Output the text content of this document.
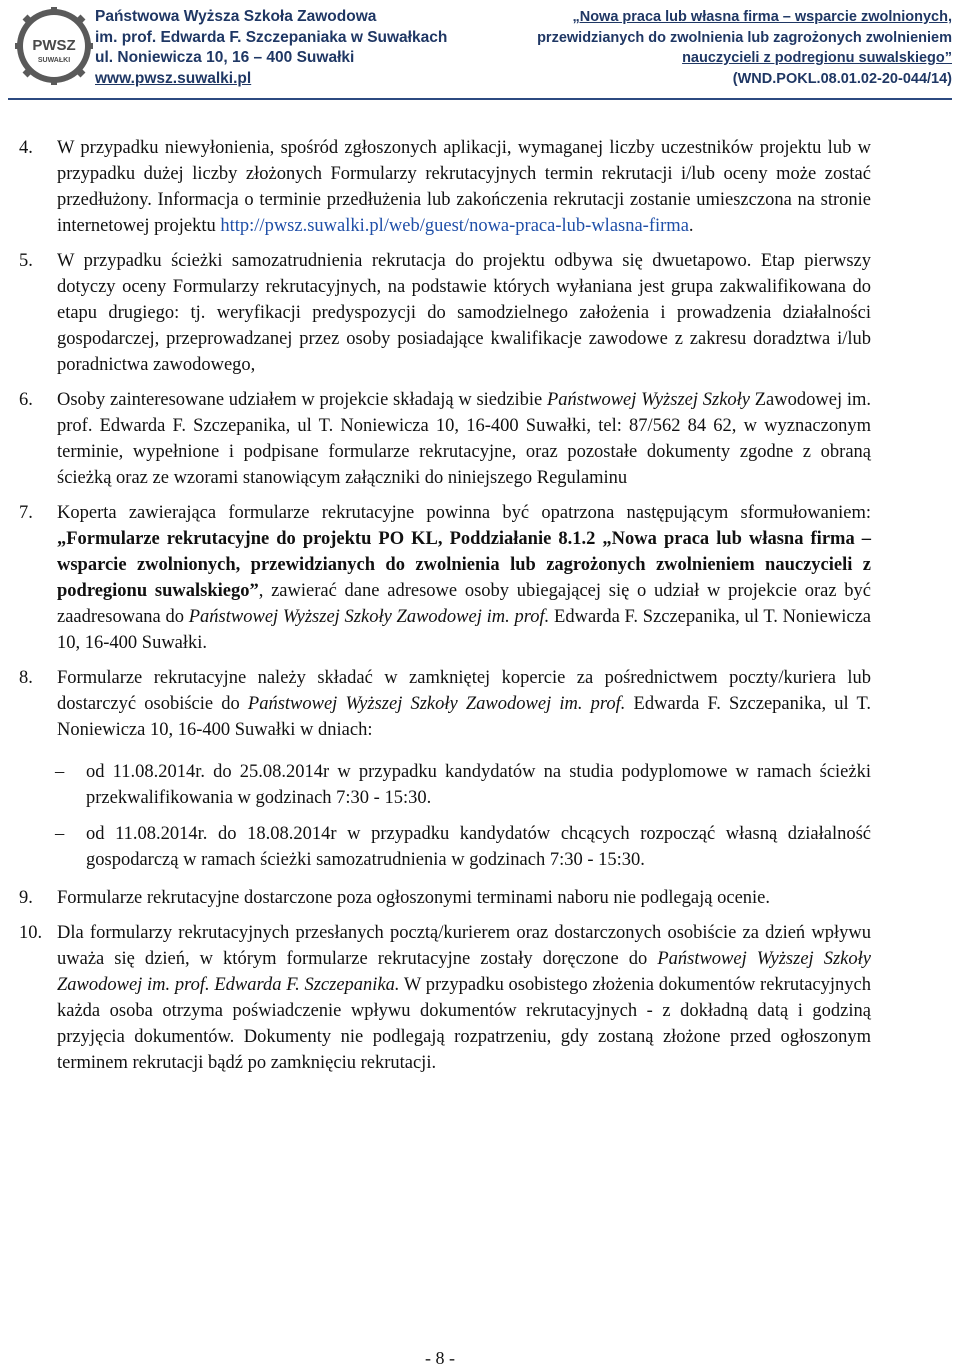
PWSZ
SUWAŁKI
Państwowa Wyższa Szkoła Zawodowa
im. prof. Edwarda F. Szczepaniaka w Suwałkach
ul. Noniewicza 10, 16 – 400 Suwałki
www.pwsz.suwalki.pl
„Nowa praca lub własna firma – wsparcie zwolnionych,
przewidzianych do zwolnienia lub zagrożonych zwolnieniem
nauczycieli z podregionu suwalskiego”
(WND.POKL.08.01.02-20-044/14)
4. W przypadku niewyłonienia, spośród zgłoszonych aplikacji, wymaganej liczby uczestników projektu lub w przypadku dużej liczby złożonych Formularzy rekrutacyjnych termin rekrutacji i/lub oceny może zostać przedłużony. Informacja o terminie przedłużenia lub zakończenia rekrutacji zostanie umieszczona na stronie internetowej projektu http://pwsz.suwalki.pl/web/guest/nowa-praca-lub-wlasna-firma.

5. W przypadku ścieżki samozatrudnienia rekrutacja do projektu odbywa się dwuetapowo. Etap pierwszy dotyczy oceny Formularzy rekrutacyjnych, na podstawie których wyłaniana jest grupa zakwalifikowana do etapu drugiego: tj. weryfikacji predyspozycji do samodzielnego założenia i prowadzenia działalności gospodarczej, przeprowadzanej przez osoby posiadające kwalifikacje zawodowe z zakresu doradztwa i/lub poradnictwa zawodowego,

6. Osoby zainteresowane udziałem w projekcie składają w siedzibie Państwowej Wyższej Szkoły Zawodowej im. prof. Edwarda F. Szczepanika, ul T. Noniewicza 10, 16-400 Suwałki, tel: 87/562 84 62, w wyznaczonym terminie, wypełnione i podpisane formularze rekrutacyjne, oraz pozostałe dokumenty zgodne z obraną ścieżką oraz ze wzorami stanowiącym załączniki do niniejszego Regulaminu

7. Koperta zawierająca formularze rekrutacyjne powinna być opatrzona następującym sformułowaniem: „Formularze rekrutacyjne do projektu PO KL, Poddziałanie 8.1.2 „Nowa praca lub własna firma – wsparcie zwolnionych, przewidzianych do zwolnienia lub zagrożonych zwolnieniem nauczycieli z podregionu suwalskiego”, zawierać dane adresowe osoby ubiegającej się o udział w projekcie oraz być zaadresowana do Państwowej Wyższej Szkoły Zawodowej im. prof. Edwarda F. Szczepanika, ul T. Noniewicza 10, 16-400 Suwałki.

8. Formularze rekrutacyjne należy składać w zamkniętej kopercie za pośrednictwem poczty/kuriera lub dostarczyć osobiście do Państwowej Wyższej Szkoły Zawodowej im. prof. Edwarda F. Szczepanika, ul T. Noniewicza 10, 16-400 Suwałki w dniach:

– od 11.08.2014r. do 25.08.2014r w przypadku kandydatów na studia podyplomowe w ramach ścieżki przekwalifikowania w godzinach 7:30 - 15:30.

– od 11.08.2014r. do 18.08.2014r w przypadku kandydatów chcących rozpocząć własną działalność gospodarczą w ramach ścieżki samozatrudnienia w godzinach 7:30 - 15:30.

9. Formularze rekrutacyjne dostarczone poza ogłoszonymi terminami naboru nie podlegają ocenie.

10. Dla formularzy rekrutacyjnych przesłanych pocztą/kurierem oraz dostarczonych osobiście za dzień wpływu uważa się dzień, w którym formularze rekrutacyjne zostały doręczone do Państwowej Wyższej Szkoły Zawodowej im. prof. Edwarda F. Szczepanika. W przypadku osobistego złożenia dokumentów rekrutacyjnych każda osoba otrzyma poświadczenie wpływu dokumentów rekrutacyjnych - z dokładną datą i godziną przyjęcia dokumentów. Dokumenty nie podlegają rozpatrzeniu, gdy zostaną złożone przed ogłoszonym terminem rekrutacji bądź po zamknięciu rekrutacji.

- 8 -
